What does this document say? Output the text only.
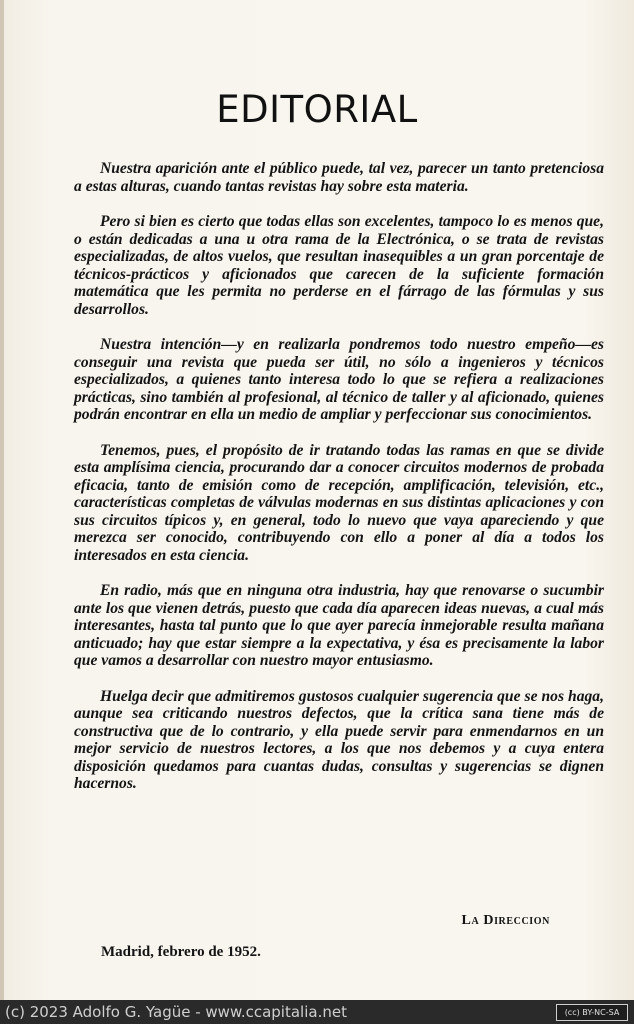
EDITORIAL

Nuestra aparición ante el público puede, tal vez, parecer un tanto pretenciosa a estas alturas, cuando tantas revistas hay sobre esta materia.

Pero si bien es cierto que todas ellas son excelentes, tampoco lo es menos que, o están dedicadas a una u otra rama de la Electrónica, o se trata de revistas especializadas, de altos vuelos, que resultan inasequibles a un gran porcentaje de técnicos-prácticos y aficionados que carecen de la suficiente formación matemática que les permita no perderse en el fárrago de las fórmulas y sus desarrollos.

Nuestra intención—y en realizarla pondremos todo nuestro empeño—es conseguir una revista que pueda ser útil, no sólo a ingenieros y técnicos especializados, a quienes tanto interesa todo lo que se refiera a realizaciones prácticas, sino también al profesional, al técnico de taller y al aficionado, quienes podrán encontrar en ella un medio de ampliar y perfeccionar sus conocimientos.

Tenemos, pues, el propósito de ir tratando todas las ramas en que se divide esta amplísima ciencia, procurando dar a conocer circuitos modernos de probada eficacia, tanto de emisión como de recepción, amplificación, televisión, etc., características completas de válvulas modernas en sus distintas aplicaciones y con sus circuitos típicos y, en general, todo lo nuevo que vaya apareciendo y que merezca ser conocido, contribuyendo con ello a poner al día a todos los interesados en esta ciencia.

En radio, más que en ninguna otra industria, hay que renovarse o sucumbir ante los que vienen detrás, puesto que cada día aparecen ideas nuevas, a cual más interesantes, hasta tal punto que lo que ayer parecía inmejorable resulta mañana anticuado; hay que estar siempre a la expectativa, y ésa es precisamente la labor que vamos a desarrollar con nuestro mayor entusiasmo.

Huelga decir que admitiremos gustosos cualquier sugerencia que se nos haga, aunque sea criticando nuestros defectos, que la crítica sana tiene más de constructiva que de lo contrario, y ella puede servir para enmendarnos en un mejor servicio de nuestros lectores, a los que nos debemos y a cuya entera disposición quedamos para cuantas dudas, consultas y sugerencias se dignen hacernos.

La Direccion
Madrid, febrero de 1952.
(c) 2023 Adolfo G. Yagüe - www.ccapitalia.net	(cc) BY-NC-SA
